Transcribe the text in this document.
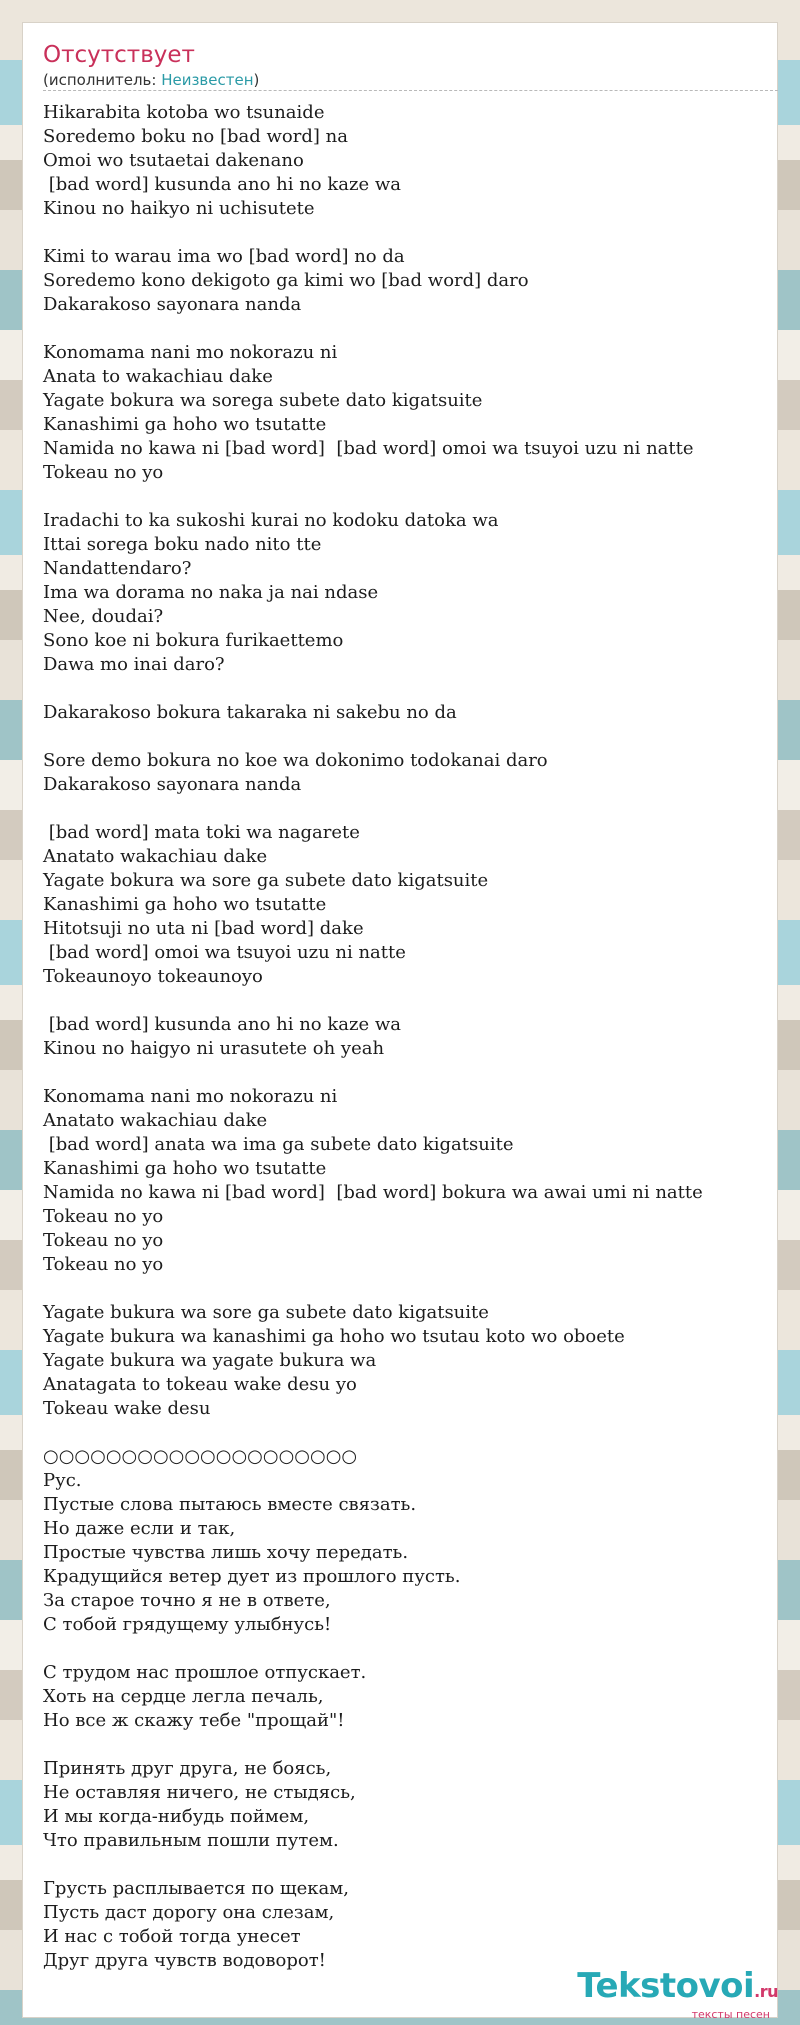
Отсутствует
(исполнитель: Неизвестен)
Hikarabita kotoba wo tsunaide
Soredemo boku no [bad word] na
Omoi wo tsutaetai dakenano
[bad word] kusunda ano hi no kaze wa
Kinou no haikyo ni uchisutete

Kimi to warau ima wo [bad word] no da
Soredemo kono dekigoto ga kimi wo [bad word] daro
Dakarakoso sayonara nanda

Konomama nani mo nokorazu ni
Anata to wakachiau dake
Yagate bokura wa sorega subete dato kigatsuite
Kanashimi ga hoho wo tsutatte
Namida no kawa ni [bad word]  [bad word] omoi wa tsuyoi uzu ni natte
Tokeau no yo

Iradachi to ka sukoshi kurai no kodoku datoka wa
Ittai sorega boku nado nito tte
Nandattendaro?
Ima wa dorama no naka ja nai ndase
Nee, doudai?
Sono koe ni bokura furikaettemo
Dawa mo inai daro?

Dakarakoso bokura takaraka ni sakebu no da

Sore demo bokura no koe wa dokonimo todokanai daro
Dakarakoso sayonara nanda

[bad word] mata toki wa nagarete
Anatato wakachiau dake
Yagate bokura wa sore ga subete dato kigatsuite
Kanashimi ga hoho wo tsutatte
Hitotsuji no uta ni [bad word] dake
[bad word] omoi wa tsuyoi uzu ni natte
Tokeaunoyo tokeaunoyo

[bad word] kusunda ano hi no kaze wa
Kinou no haigyo ni urasutete oh yeah

Konomama nani mo nokorazu ni
Anatato wakachiau dake
[bad word] anata wa ima ga subete dato kigatsuite
Kanashimi ga hoho wo tsutatte
Namida no kawa ni [bad word]  [bad word] bokura wa awai umi ni natte
Tokeau no yo
Tokeau no yo
Tokeau no yo

Yagate bukura wa sore ga subete dato kigatsuite
Yagate bukura wa kanashimi ga hoho wo tsutau koto wo oboete
Yagate bukura wa yagate bukura wa
Anatagata to tokeau wake desu yo
Tokeau wake desu

○○○○○○○○○○○○○○○○○○○○
Рус.
Пустые слова пытаюсь вместе связать.
Но даже если и так,
Простые чувства лишь хочу передать.
Крадущийся ветер дует из прошлого пусть.
За старое точно я не в ответе,
С тобой грядущему улыбнусь!

С трудом нас прошлое отпускает.
Хоть на сердце легла печаль,
Но все ж скажу тебе "прощай"!

Принять друг друга, не боясь,
Не оставляя ничего, не стыдясь,
И мы когда-нибудь поймем,
Что правильным пошли путем.

Грусть расплывается по щекам,
Пусть даст дорогу она слезам,
И нас с тобой тогда унесет
Друг друга чувств водоворот!
Tekstovoi.ru
тексты песен
